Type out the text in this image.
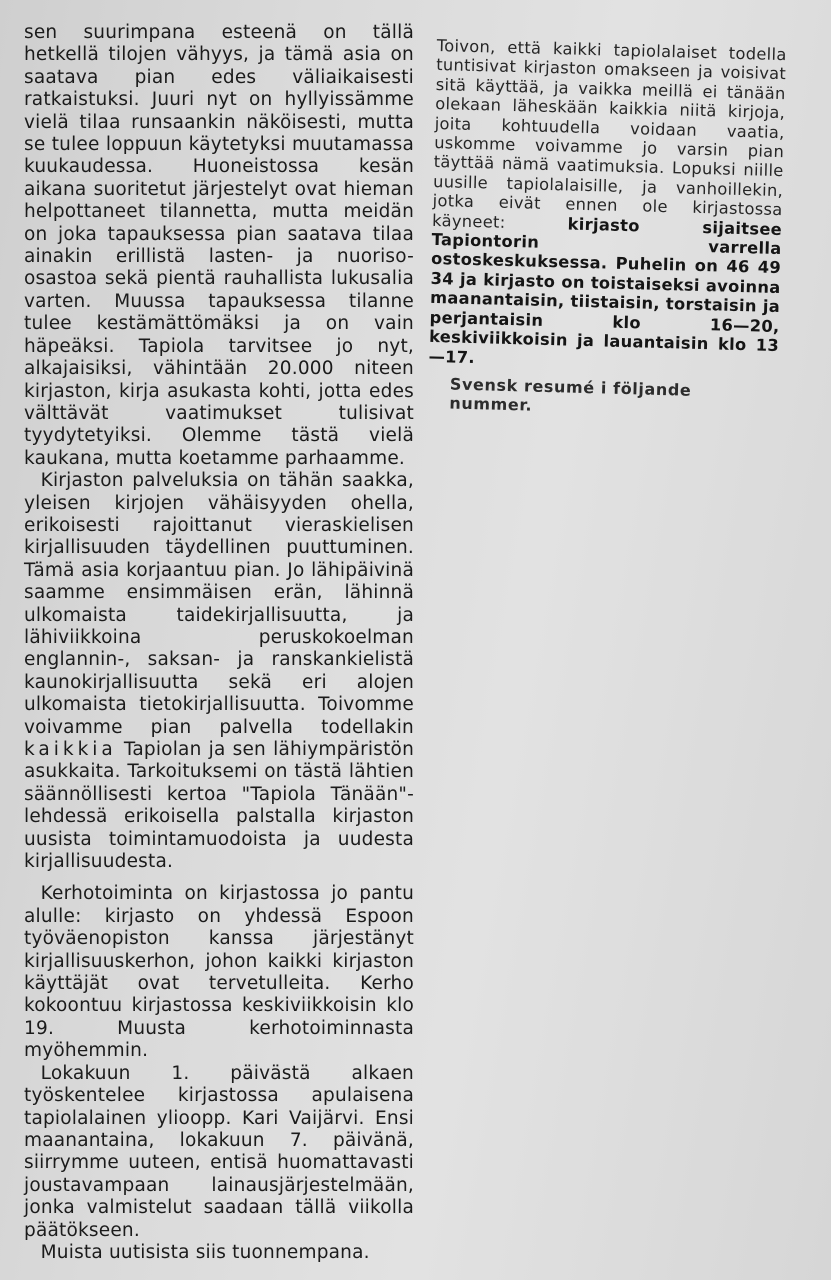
sen suurimpana esteenä on tällä hetkellä tilojen vähyys, ja tämä asia on saatava pian edes väliaikaisesti ratkaistuksi. Juuri nyt on hyllyissämme vielä tilaa runsaankin näköisesti, mutta se tulee loppuun käytetyksi muutamassa kuukaudessa. Huoneistossa kesän aikana suoritetut järjestelyt ovat hieman helpottaneet tilannetta, mutta meidän on joka tapauksessa pian saatava tilaa ainakin erillistä lasten- ja nuoriso-osastoa sekä pientä rauhallista lukusalia varten. Muussa tapauksessa tilanne tulee kestämättömäksi ja on vain häpeäksi. Tapiola tarvitsee jo nyt, alkajaisiksi, vähintään 20.000 niteen kirjaston, kirja asukasta kohti, jotta edes välttävät vaatimukset tulisivat tyydytetyiksi. Olemme tästä vielä kaukana, mutta koetamme parhaamme.

Kirjaston palveluksia on tähän saakka, yleisen kirjojen vähäisyyden ohella, erikoisesti rajoittanut vieraskielisen kirjallisuuden täydellinen puuttuminen. Tämä asia korjaantuu pian. Jo lähipäivinä saamme ensimmäisen erän, lähinnä ulkomaista taidekirjallisuutta, ja lähiviikkoina peruskokoelman englannin-, saksan- ja ranskankielistä kaunokirjallisuutta sekä eri alojen ulkomaista tietokirjallisuutta. Toivomme voivamme pian palvella todellakin kaikkia Tapiolan ja sen lähiympäristön asukkaita. Tarkoituksemi on tästä lähtien säännöllisesti kertoa "Tapiola Tänään"-lehdessä erikoisella palstalla kirjaston uusista toimintamuodoista ja uudesta kirjallisuudesta.

Kerhotoiminta on kirjastossa jo pantu alulle: kirjasto on yhdessä Espoon työväenopiston kanssa järjestänyt kirjallisuuskerhon, johon kaikki kirjaston käyttäjät ovat tervetulleita. Kerho kokoontuu kirjastossa keskiviikkoisin klo 19. Muusta kerhotoiminnasta myöhemmin.

Lokakuun 1. päivästä alkaen työskentelee kirjastossa apulaisena tapiolalainen ylioopp. Kari Vaijärvi. Ensi maanantaina, lokakuun 7. päivänä, siirrymme uuteen, entisä huomattavasti joustavampaan lainausjärjestelmään, jonka valmistelut saadaan tällä viikolla päätökseen.

Muista uutisista siis tuonnempana.

Toivon, että kaikki tapiolalaiset todella tuntisivat kirjaston omakseen ja voisivat sitä käyttää, ja vaikka meillä ei tänään olekaan läheskään kaikkia niitä kirjoja, joita kohtuudella voidaan vaatia, uskomme voivamme jo varsin pian täyttää nämä vaatimuksia. Lopuksi niille uusille tapiolalaisille, ja vanhoillekin, jotka eivät ennen ole kirjastossa käyneet:	kirjasto sijaitsee Tapiontorin varrella ostoskeskuksessa. Puhelin on 46 49 34 ja kirjasto on toistaiseksi avoinna maanantaisin, tiistaisin, torstaisin ja perjantaisin klo 16—20, keskiviikkoisin ja lauantaisin klo 13—17.

Svensk resumé i följande nummer.
